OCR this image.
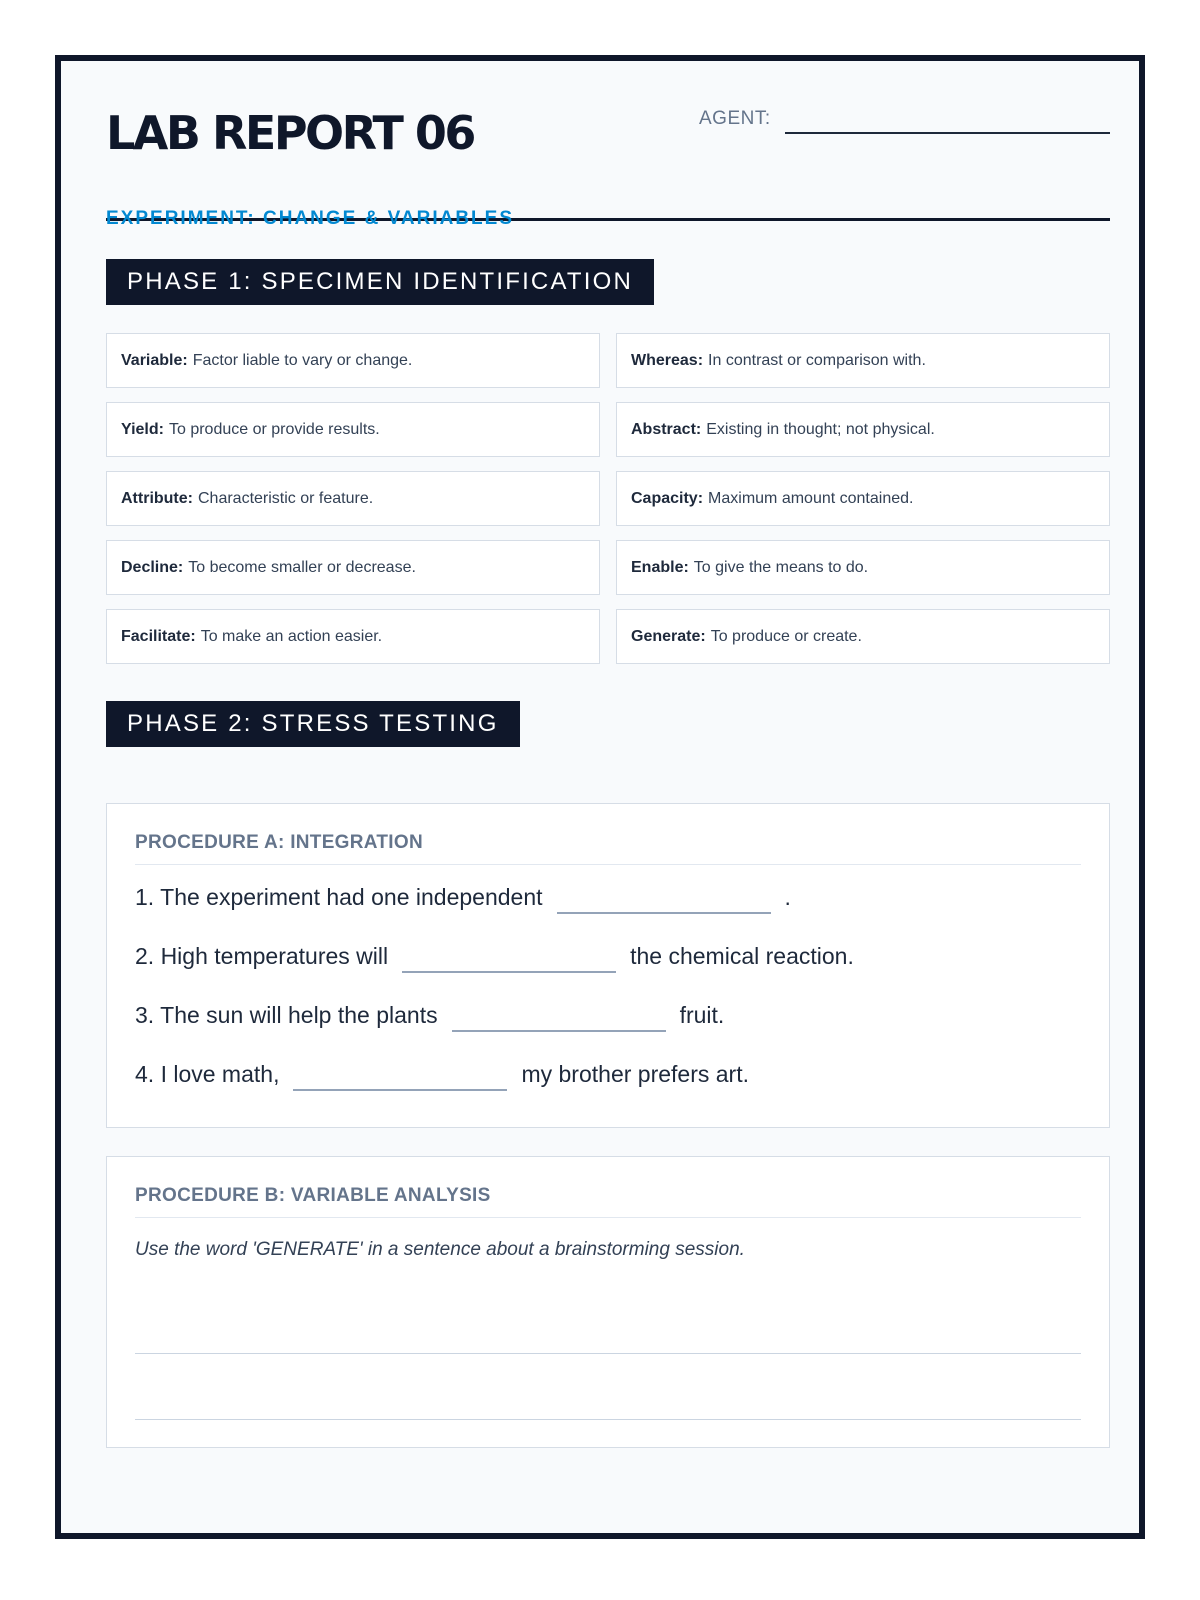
LAB REPORT 06
EXPERIMENT: CHANGE & VARIABLES
AGENT:
PHASE 1: SPECIMEN IDENTIFICATION
Variable: Factor liable to vary or change.	Whereas: In contrast or comparison with.
Yield: To produce or provide results.	Abstract: Existing in thought; not physical.
Attribute: Characteristic or feature.	Capacity: Maximum amount contained.
Decline: To become smaller or decrease.	Enable: To give the means to do.
Facilitate: To make an action easier.	Generate: To produce or create.
PHASE 2: STRESS TESTING
PROCEDURE A: INTEGRATION
1. The experiment had one independent	.
2. High temperatures will	the chemical reaction.
3. The sun will help the plants	fruit.
4. I love math,	my brother prefers art.
PROCEDURE B: VARIABLE ANALYSIS
Use the word 'GENERATE' in a sentence about a brainstorming session.
